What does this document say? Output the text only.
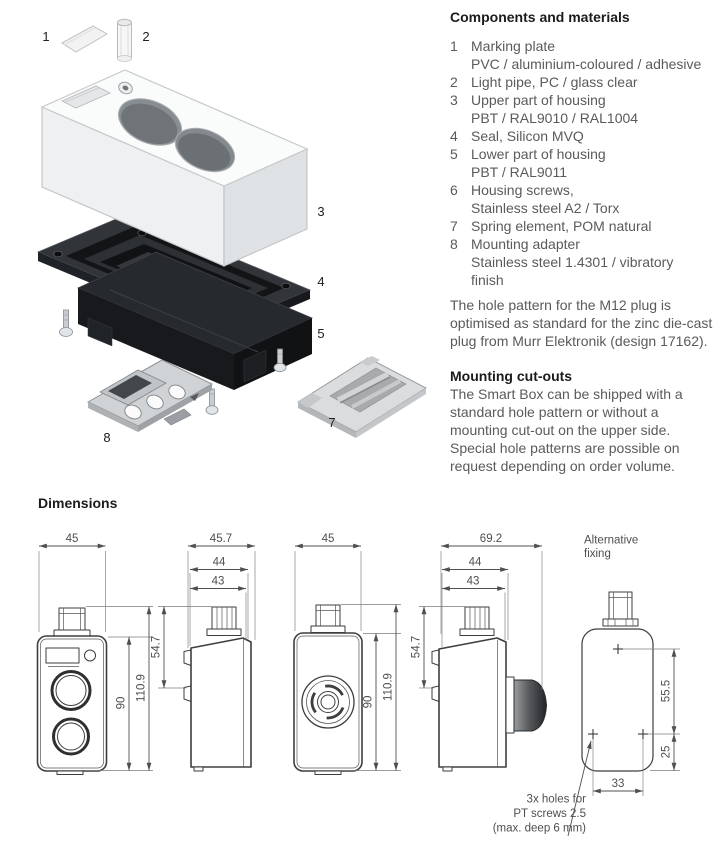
1	2
3
4
5
6
7
8
Components and materials
1 Marking plate
PVC / aluminium-coloured / adhesive
2 Light pipe, PC / glass clear
3 Upper part of housing
PBT / RAL9010 / RAL1004
4 Seal, Silicon MVQ
5 Lower part of housing
PBT / RAL9011
6 Housing screws,
Stainless steel A2 / Torx
7 Spring element, POM natural
8 Mounting adapter
Stainless steel 1.4301 / vibratory
finish

The hole pattern for the M12 plug is optimised as standard for the zinc die-cast plug from Murr Elektronik (design 17162).

Mounting cut-outs

The Smart Box can be shipped with a standard hole pattern or without a mounting cut-out on the upper side. Special hole patterns are possible on request depending on order volume.

Dimensions
45
90
110.9
45.7
44
43
54.7
45
90
110.9
69.2
44
43
54.7
Alternative
fixing
55.5
25
33
3x holes for
PT screws 2.5
(max. deep 6 mm)
